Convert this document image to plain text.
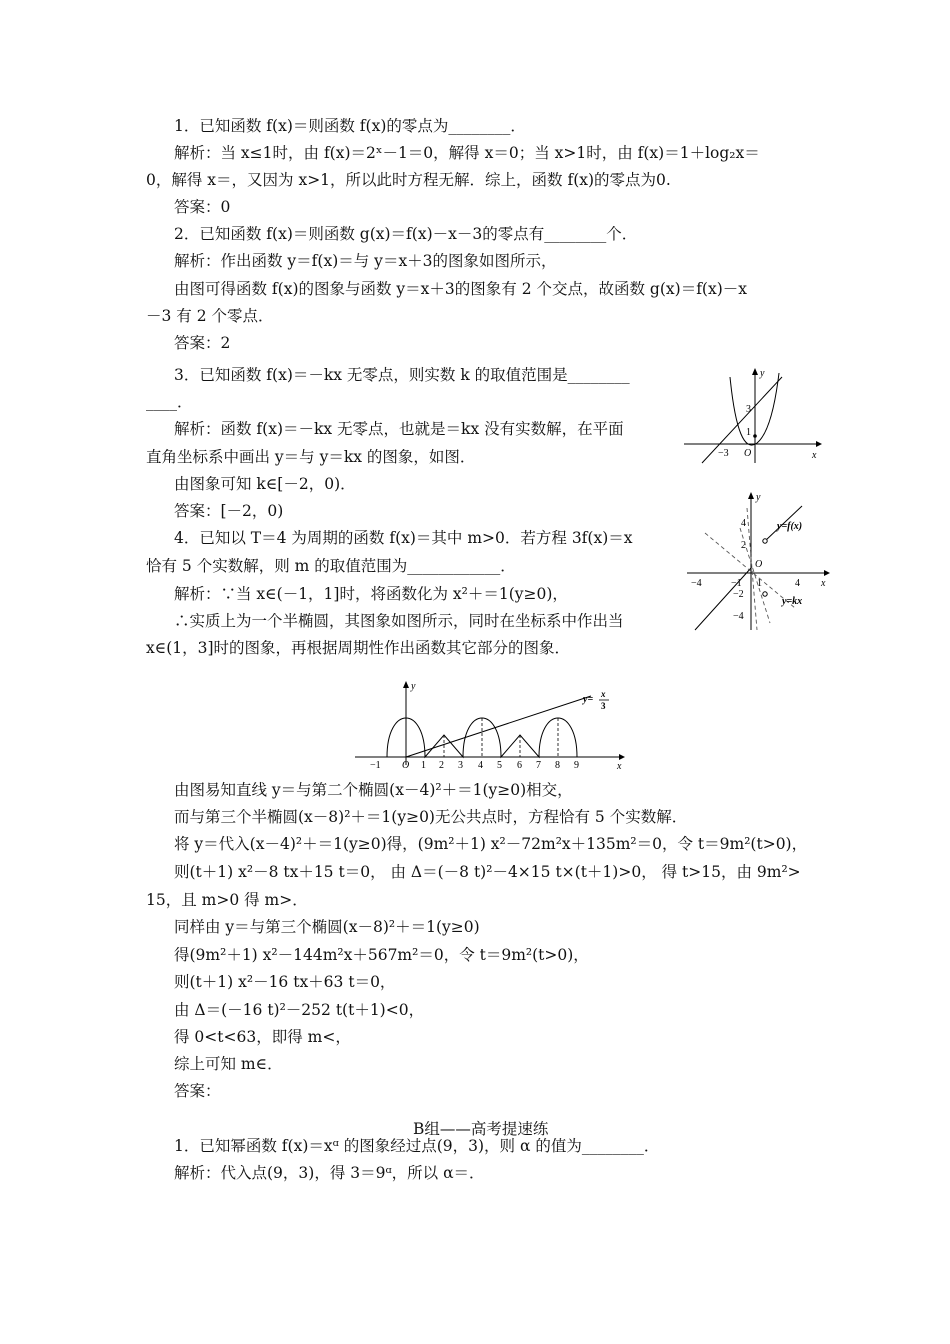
1．已知函数 f(x)＝则函数 f(x)的零点为________．
解析：当 x≤1时，由 f(x)＝2ˣ－1＝0，解得 x＝0；当 x>1时，由 f(x)＝1＋log₂x＝
0，解得 x＝，又因为 x>1，所以此时方程无解．综上，函数 f(x)的零点为0.
答案：0
2．已知函数 f(x)＝则函数 g(x)＝f(x)－x－3的零点有________个．
解析：作出函数 y＝f(x)＝与 y＝x＋3的图象如图所示，
由图可得函数 f(x)的图象与函数 y＝x＋3的图象有 2 个交点，故函数 g(x)＝f(x)－x
－3 有 2 个零点．
答案：2
3．已知函数 f(x)＝－kx 无零点，则实数 k 的取值范围是________
____．
解析：函数 f(x)＝－kx 无零点，也就是＝kx 没有实数解，在平面
直角坐标系中画出 y＝与 y＝kx 的图象，如图．
由图象可知 k∈[－2，0)．
答案：[－2，0)
4．已知以 T＝4 为周期的函数 f(x)＝其中 m>0．若方程 3f(x)＝x
恰有 5 个实数解，则 m 的取值范围为____________．
解析：∵当 x∈(－1，1]时，将函数化为 x²＋＝1(y≥0)，
∴实质上为一个半椭圆，其图象如图所示，同时在坐标系中作出当
x∈(1，3]时的图象，再根据周期性作出函数其它部分的图象．
由图易知直线 y＝与第二个椭圆(x－4)²＋＝1(y≥0)相交，
而与第三个半椭圆(x－8)²＋＝1(y≥0)无公共点时，方程恰有 5 个实数解．
将 y＝代入(x－4)²＋＝1(y≥0)得，(9m²＋1) x²－72m²x＋135m²＝0，令 t＝9m²(t>0)，
则(t＋1) x²－8 tx＋15 t＝0， 由 Δ＝(－8 t)²－4×15 t×(t＋1)>0， 得 t>15，由 9m²>
15，且 m>0 得 m>．
同样由 y＝与第三个椭圆(x－8)²＋＝1(y≥0)
得(9m²＋1) x²－144m²x＋567m²＝0，令 t＝9m²(t>0)，
则(t＋1) x²－16 tx＋63 t＝0，
由 Δ＝(－16 t)²－252 t(t＋1)<0，
得 0<t<63，即得 m<，
综上可知 m∈．
答案：
1．已知幂函数 f(x)＝xᵅ 的图象经过点(9，3)，则 α 的值为________．
解析：代入点(9，3)，得 3＝9ᵅ，所以 α＝．
B组——高考提速练
y
x
O
−3
3
1
y
x
O
−4	−1 1	4
4
2
−2
−4
y=f(x)
y=kx
y
x
O
−1	1 2 3 4 5 6 7 8 9
y= x
3
